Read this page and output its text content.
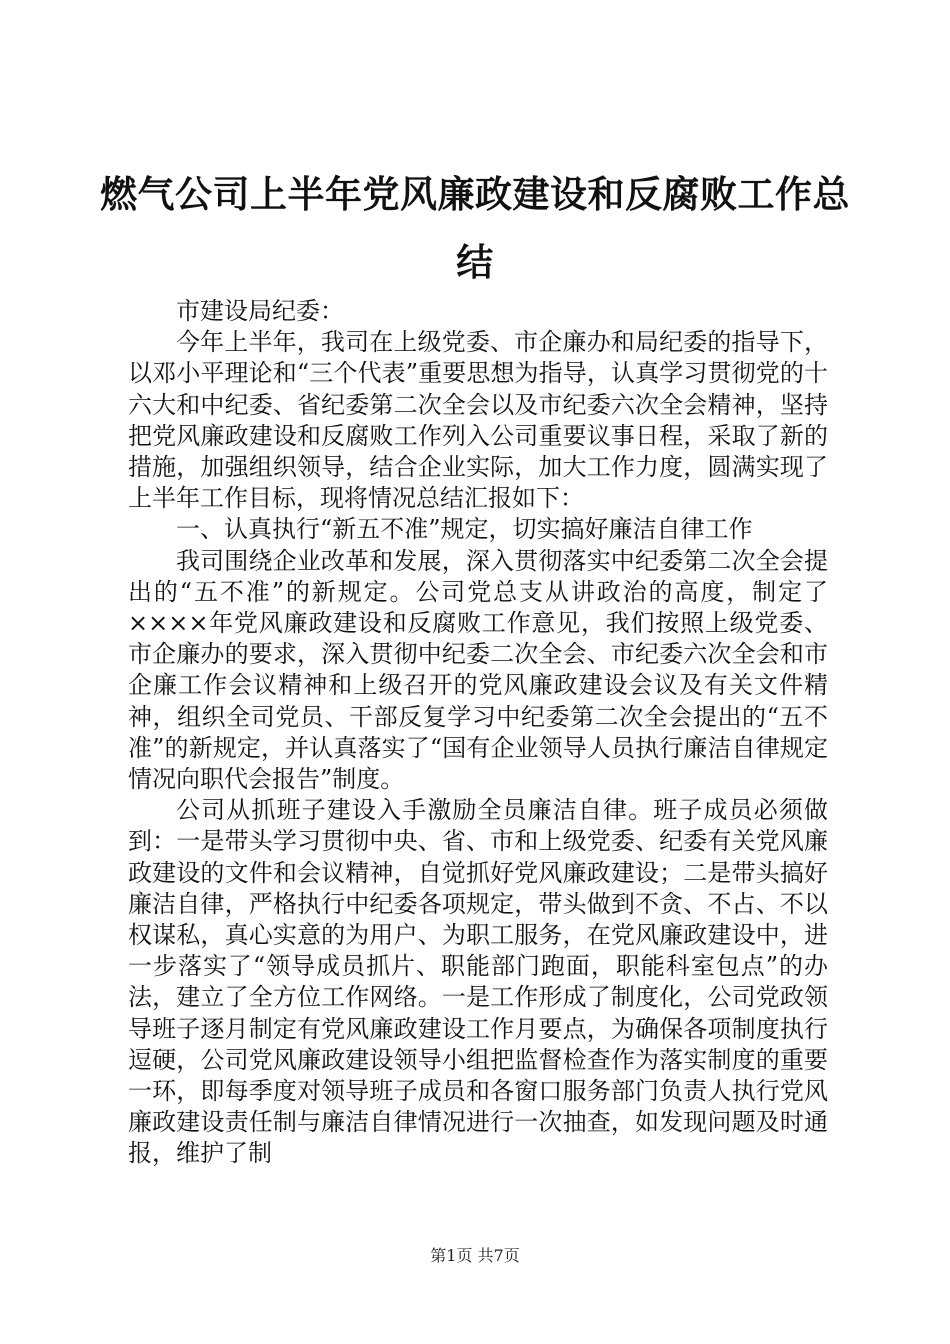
燃气公司上半年党风廉政建设和反腐败工作总结

市建设局纪委：

今年上半年，我司在上级党委、市企廉办和局纪委的指导下，以邓小平理论和“三个代表”重要思想为指导，认真学习贯彻党的十六大和中纪委、省纪委第二次全会以及市纪委六次全会精神，坚持把党风廉政建设和反腐败工作列入公司重要议事日程，采取了新的措施，加强组织领导，结合企业实际，加大工作力度，圆满实现了上半年工作目标，现将情况总结汇报如下：

一、认真执行“新五不准”规定，切实搞好廉洁自律工作

我司围绕企业改革和发展，深入贯彻落实中纪委第二次全会提出的“五不准”的新规定。公司党总支从讲政治的高度，制定了××××年党风廉政建设和反腐败工作意见，我们按照上级党委、市企廉办的要求，深入贯彻中纪委二次全会、市纪委六次全会和市企廉工作会议精神和上级召开的党风廉政建设会议及有关文件精神，组织全司党员、干部反复学习中纪委第二次全会提出的“五不准”的新规定，并认真落实了“国有企业领导人员执行廉洁自律规定情况向职代会报告”制度。

公司从抓班子建设入手激励全员廉洁自律。班子成员必须做到：一是带头学习贯彻中央、省、市和上级党委、纪委有关党风廉政建设的文件和会议精神，自觉抓好党风廉政建设；二是带头搞好廉洁自律，严格执行中纪委各项规定，带头做到不贪、不占、不以权谋私，真心实意的为用户、为职工服务，在党风廉政建设中，进一步落实了“领导成员抓片、职能部门跑面，职能科室包点”的办法，建立了全方位工作网络。一是工作形成了制度化，公司党政领导班子逐月制定有党风廉政建设工作月要点，为确保各项制度执行逗硬，公司党风廉政建设领导小组把监督检查作为落实制度的重要一环，即每季度对领导班子成员和各窗口服务部门负责人执行党风廉政建设责任制与廉洁自律情况进行一次抽查，如发现问题及时通报，维护了制

第1页 共7页
